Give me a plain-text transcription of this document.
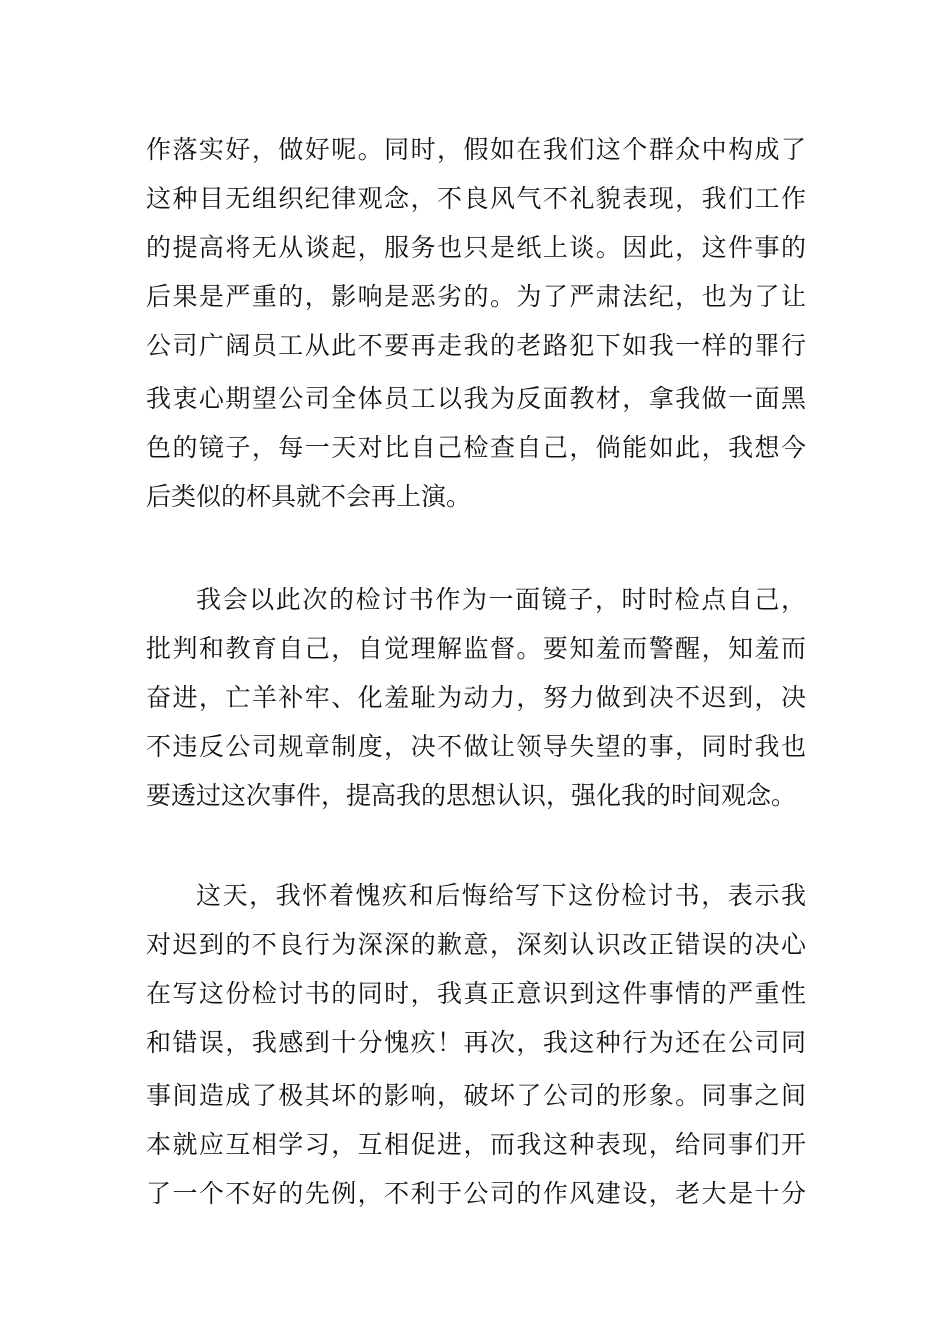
作落实好，做好呢。同时，假如在我们这个群众中构成了
这种目无组织纪律观念，不良风气不礼貌表现，我们工作
的提高将无从谈起，服务也只是纸上谈。因此，这件事的
后果是严重的，影响是恶劣的。为了严肃法纪，也为了让
公司广阔员工从此不要再走我的老路犯下如我一样的罪行
我衷心期望公司全体员工以我为反面教材，拿我做一面黑
色的镜子，每一天对比自己检查自己，倘能如此，我想今
后类似的杯具就不会再上演。
我会以此次的检讨书作为一面镜子，时时检点自己，
批判和教育自己，自觉理解监督。要知羞而警醒，知羞而
奋进，亡羊补牢、化羞耻为动力，努力做到决不迟到，决
不违反公司规章制度，决不做让领导失望的事，同时我也
要透过这次事件，提高我的思想认识，强化我的时间观念。
这天，我怀着愧疚和后悔给写下这份检讨书，表示我
对迟到的不良行为深深的歉意，深刻认识改正错误的决心
在写这份检讨书的同时，我真正意识到这件事情的严重性
和错误，我感到十分愧疚！再次，我这种行为还在公司同
事间造成了极其坏的影响，破坏了公司的形象。同事之间
本就应互相学习，互相促进，而我这种表现，给同事们开
了一个不好的先例，不利于公司的作风建设，老大是十分
